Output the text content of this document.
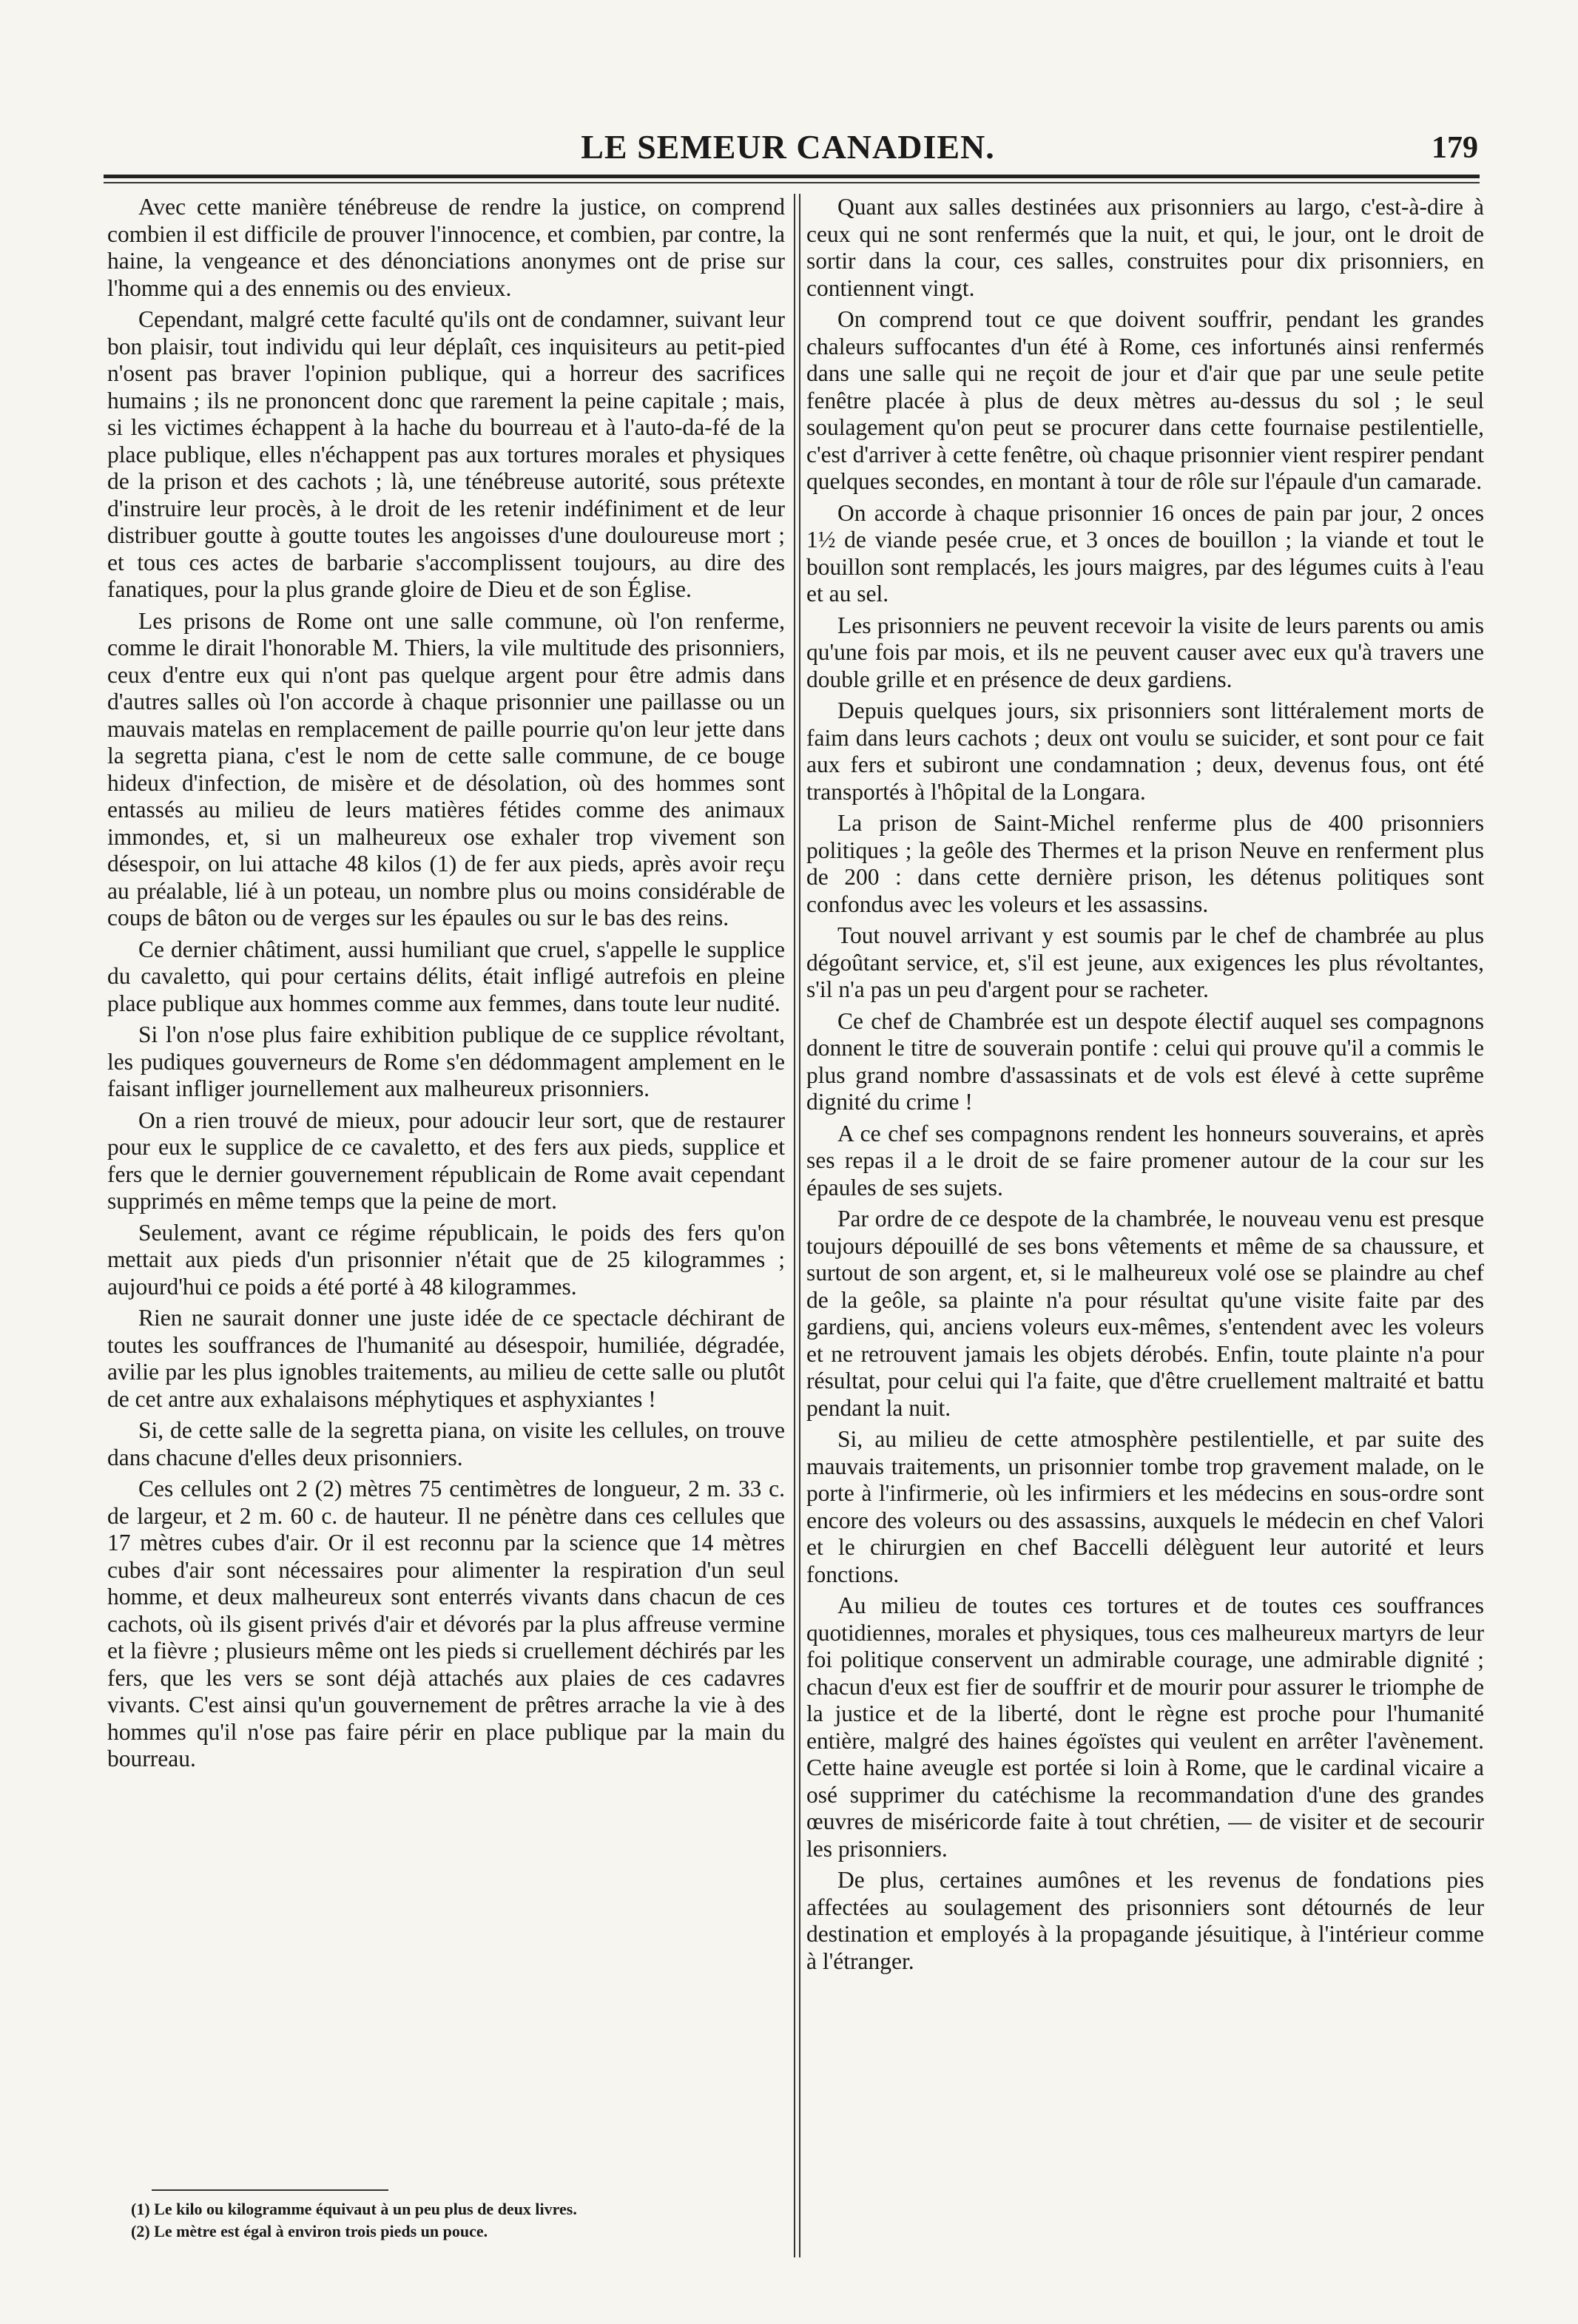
LE SEMEUR CANADIEN.	179

Avec cette manière ténébreuse de rendre la justice, on comprend combien il est difficile de prouver l'innocence, et combien, par contre, la haine, la vengeance et des dénonciations anonymes ont de prise sur l'homme qui a des ennemis ou des envieux.

Cependant, malgré cette faculté qu'ils ont de condamner, suivant leur bon plaisir, tout individu qui leur déplaît, ces inquisiteurs au petit-pied n'osent pas braver l'opinion publique, qui a horreur des sacrifices humains ; ils ne prononcent donc que rarement la peine capitale ; mais, si les victimes échappent à la hache du bourreau et à l'auto-da-fé de la place publique, elles n'échappent pas aux tortures morales et physiques de la prison et des cachots ; là, une ténébreuse autorité, sous prétexte d'instruire leur procès, à le droit de les retenir indéfiniment et de leur distribuer goutte à goutte toutes les angoisses d'une douloureuse mort ; et tous ces actes de barbarie s'accomplissent toujours, au dire des fanatiques, pour la plus grande gloire de Dieu et de son Église.

Les prisons de Rome ont une salle commune, où l'on renferme, comme le dirait l'honorable M. Thiers, la vile multitude des prisonniers, ceux d'entre eux qui n'ont pas quelque argent pour être admis dans d'autres salles où l'on accorde à chaque prisonnier une paillasse ou un mauvais matelas en remplacement de paille pourrie qu'on leur jette dans la segretta piana, c'est le nom de cette salle commune, de ce bouge hideux d'infection, de misère et de désolation, où des hommes sont entassés au milieu de leurs matières fétides comme des animaux immondes, et, si un malheureux ose exhaler trop vivement son désespoir, on lui attache 48 kilos (1) de fer aux pieds, après avoir reçu au préalable, lié à un poteau, un nombre plus ou moins considérable de coups de bâton ou de verges sur les épaules ou sur le bas des reins.

Ce dernier châtiment, aussi humiliant que cruel, s'appelle le supplice du cavaletto, qui pour certains délits, était infligé autrefois en pleine place publique aux hommes comme aux femmes, dans toute leur nudité.

Si l'on n'ose plus faire exhibition publique de ce supplice révoltant, les pudiques gouverneurs de Rome s'en dédommagent amplement en le faisant infliger journellement aux malheureux prisonniers.

On a rien trouvé de mieux, pour adoucir leur sort, que de restaurer pour eux le supplice de ce cavaletto, et des fers aux pieds, supplice et fers que le dernier gouvernement républicain de Rome avait cependant supprimés en même temps que la peine de mort.

Seulement, avant ce régime républicain, le poids des fers qu'on mettait aux pieds d'un prisonnier n'était que de 25 kilogrammes ; aujourd'hui ce poids a été porté à 48 kilogrammes.

Rien ne saurait donner une juste idée de ce spectacle déchirant de toutes les souffrances de l'humanité au désespoir, humiliée, dégradée, avilie par les plus ignobles traitements, au milieu de cette salle ou plutôt de cet antre aux exhalaisons méphytiques et asphyxiantes !

Si, de cette salle de la segretta piana, on visite les cellules, on trouve dans chacune d'elles deux prisonniers.

Ces cellules ont 2 (2) mètres 75 centimètres de longueur, 2 m. 33 c. de largeur, et 2 m. 60 c. de hauteur. Il ne pénètre dans ces cellules que 17 mètres cubes d'air. Or il est reconnu par la science que 14 mètres cubes d'air sont nécessaires pour alimenter la respiration d'un seul homme, et deux malheureux sont enterrés vivants dans chacun de ces cachots, où ils gisent privés d'air et dévorés par la plus affreuse vermine et la fièvre ; plusieurs même ont les pieds si cruellement déchirés par les fers, que les vers se sont déjà attachés aux plaies de ces cadavres vivants. C'est ainsi qu'un gouvernement de prêtres arrache la vie à des hommes qu'il n'ose pas faire périr en place publique par la main du bourreau.

Quant aux salles destinées aux prisonniers au largo, c'est-à-dire à ceux qui ne sont renfermés que la nuit, et qui, le jour, ont le droit de sortir dans la cour, ces salles, construites pour dix prisonniers, en contiennent vingt.

On comprend tout ce que doivent souffrir, pendant les grandes chaleurs suffocantes d'un été à Rome, ces infortunés ainsi renfermés dans une salle qui ne reçoit de jour et d'air que par une seule petite fenêtre placée à plus de deux mètres au-dessus du sol ; le seul soulagement qu'on peut se procurer dans cette fournaise pestilentielle, c'est d'arriver à cette fenêtre, où chaque prisonnier vient respirer pendant quelques secondes, en montant à tour de rôle sur l'épaule d'un camarade.

On accorde à chaque prisonnier 16 onces de pain par jour, 2 onces 1½ de viande pesée crue, et 3 onces de bouillon ; la viande et tout le bouillon sont remplacés, les jours maigres, par des légumes cuits à l'eau et au sel.

Les prisonniers ne peuvent recevoir la visite de leurs parents ou amis qu'une fois par mois, et ils ne peuvent causer avec eux qu'à travers une double grille et en présence de deux gardiens.

Depuis quelques jours, six prisonniers sont littéralement morts de faim dans leurs cachots ; deux ont voulu se suicider, et sont pour ce fait aux fers et subiront une condamnation ; deux, devenus fous, ont été transportés à l'hôpital de la Longara.

La prison de Saint-Michel renferme plus de 400 prisonniers politiques ; la geôle des Thermes et la prison Neuve en renferment plus de 200 : dans cette dernière prison, les détenus politiques sont confondus avec les voleurs et les assassins.

Tout nouvel arrivant y est soumis par le chef de chambrée au plus dégoûtant service, et, s'il est jeune, aux exigences les plus révoltantes, s'il n'a pas un peu d'argent pour se racheter.

Ce chef de Chambrée est un despote électif auquel ses compagnons donnent le titre de souverain pontife : celui qui prouve qu'il a commis le plus grand nombre d'assassinats et de vols est élevé à cette suprême dignité du crime !

A ce chef ses compagnons rendent les honneurs souverains, et après ses repas il a le droit de se faire promener autour de la cour sur les épaules de ses sujets.

Par ordre de ce despote de la chambrée, le nouveau venu est presque toujours dépouillé de ses bons vêtements et même de sa chaussure, et surtout de son argent, et, si le malheureux volé ose se plaindre au chef de la geôle, sa plainte n'a pour résultat qu'une visite faite par des gardiens, qui, anciens voleurs eux-mêmes, s'entendent avec les voleurs et ne retrouvent jamais les objets dérobés. Enfin, toute plainte n'a pour résultat, pour celui qui l'a faite, que d'être cruellement maltraité et battu pendant la nuit.

Si, au milieu de cette atmosphère pestilentielle, et par suite des mauvais traitements, un prisonnier tombe trop gravement malade, on le porte à l'infirmerie, où les infirmiers et les médecins en sous-ordre sont encore des voleurs ou des assassins, auxquels le médecin en chef Valori et le chirurgien en chef Baccelli délèguent leur autorité et leurs fonctions.

Au milieu de toutes ces tortures et de toutes ces souffrances quotidiennes, morales et physiques, tous ces malheureux martyrs de leur foi politique conservent un admirable courage, une admirable dignité ; chacun d'eux est fier de souffrir et de mourir pour assurer le triomphe de la justice et de la liberté, dont le règne est proche pour l'humanité entière, malgré des haines égoïstes qui veulent en arrêter l'avènement. Cette haine aveugle est portée si loin à Rome, que le cardinal vicaire a osé supprimer du catéchisme la recommandation d'une des grandes œuvres de miséricorde faite à tout chrétien, — de visiter et de secourir les prisonniers.

De plus, certaines aumônes et les revenus de fondations pies affectées au soulagement des prisonniers sont détournés de leur destination et employés à la propagande jésuitique, à l'intérieur comme à l'étranger.

(1) Le kilo ou kilogramme équivaut à un peu plus de deux livres.
(2) Le mètre est égal à environ trois pieds un pouce.
